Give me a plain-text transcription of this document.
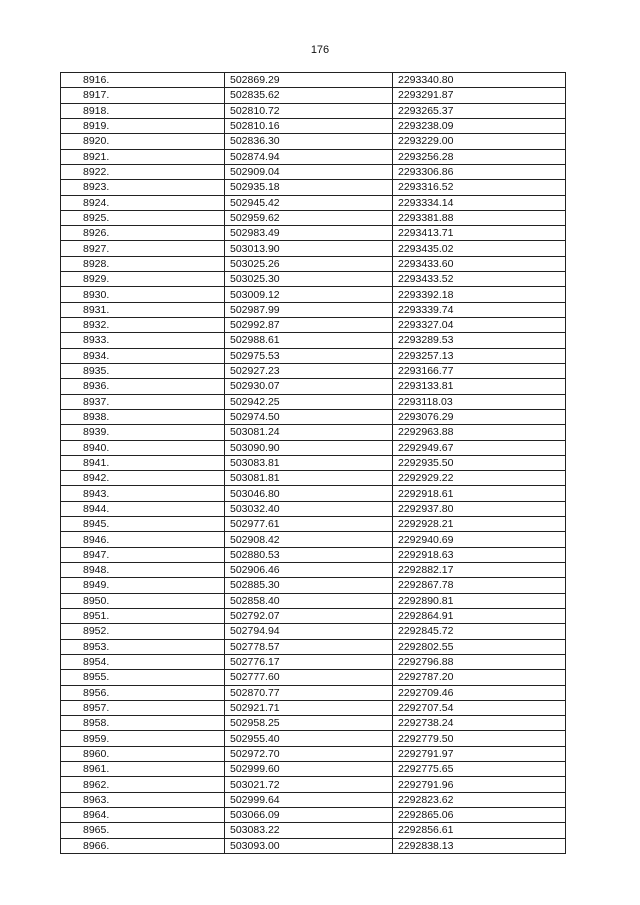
176
8916.	502869.29	2293340.80
8917.	502835.62	2293291.87
8918.	502810.72	2293265.37
8919.	502810.16	2293238.09
8920.	502836.30	2293229.00
8921.	502874.94	2293256.28
8922.	502909.04	2293306.86
8923.	502935.18	2293316.52
8924.	502945.42	2293334.14
8925.	502959.62	2293381.88
8926.	502983.49	2293413.71
8927.	503013.90	2293435.02
8928.	503025.26	2293433.60
8929.	503025.30	2293433.52
8930.	503009.12	2293392.18
8931.	502987.99	2293339.74
8932.	502992.87	2293327.04
8933.	502988.61	2293289.53
8934.	502975.53	2293257.13
8935.	502927.23	2293166.77
8936.	502930.07	2293133.81
8937.	502942.25	2293118.03
8938.	502974.50	2293076.29
8939.	503081.24	2292963.88
8940.	503090.90	2292949.67
8941.	503083.81	2292935.50
8942.	503081.81	2292929.22
8943.	503046.80	2292918.61
8944.	503032.40	2292937.80
8945.	502977.61	2292928.21
8946.	502908.42	2292940.69
8947.	502880.53	2292918.63
8948.	502906.46	2292882.17
8949.	502885.30	2292867.78
8950.	502858.40	2292890.81
8951.	502792.07	2292864.91
8952.	502794.94	2292845.72
8953.	502778.57	2292802.55
8954.	502776.17	2292796.88
8955.	502777.60	2292787.20
8956.	502870.77	2292709.46
8957.	502921.71	2292707.54
8958.	502958.25	2292738.24
8959.	502955.40	2292779.50
8960.	502972.70	2292791.97
8961.	502999.60	2292775.65
8962.	503021.72	2292791.96
8963.	502999.64	2292823.62
8964.	503066.09	2292865.06
8965.	503083.22	2292856.61
8966.	503093.00	2292838.13
